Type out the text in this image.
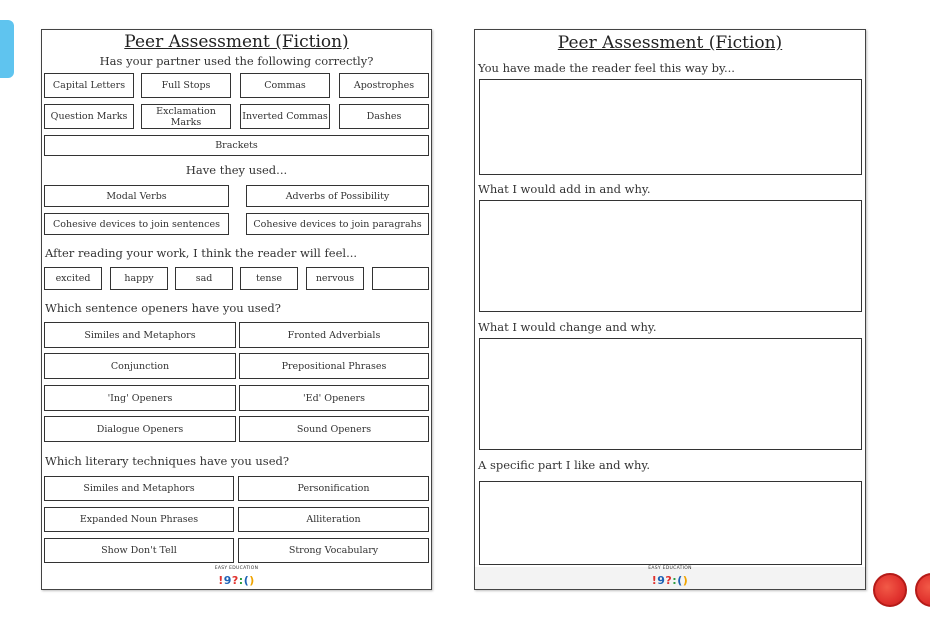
Peer Assessment (Fiction)
Has your partner used the following correctly?
Capital Letters	Full Stops	Commas	Apostrophes
Question Marks	Exclamation Marks	Inverted Commas	Dashes
Brackets
Have they used...
Modal Verbs	Adverbs of Possibility
Cohesive devices to join sentences	Cohesive devices to join paragrahs
After reading your work, I think the reader will feel...
excited	happy	sad	tense	nervous
Which sentence openers have you used?
Similes and Metaphors	Fronted Adverbials
Conjunction	Prepositional Phrases
'Ing' Openers	'Ed' Openers
Dialogue Openers	Sound Openers
Which literary techniques have you used?
Similes and Metaphors	Personification
Expanded Noun Phrases	Alliteration
Show Don't Tell	Strong Vocabulary
EASY EDUCATION
!9?:()
Peer Assessment (Fiction)
You have made the reader feel this way by...
What I would add in and why.
What I would change and why.
A specific part I like and why.
EASY EDUCATION
!9?:()
